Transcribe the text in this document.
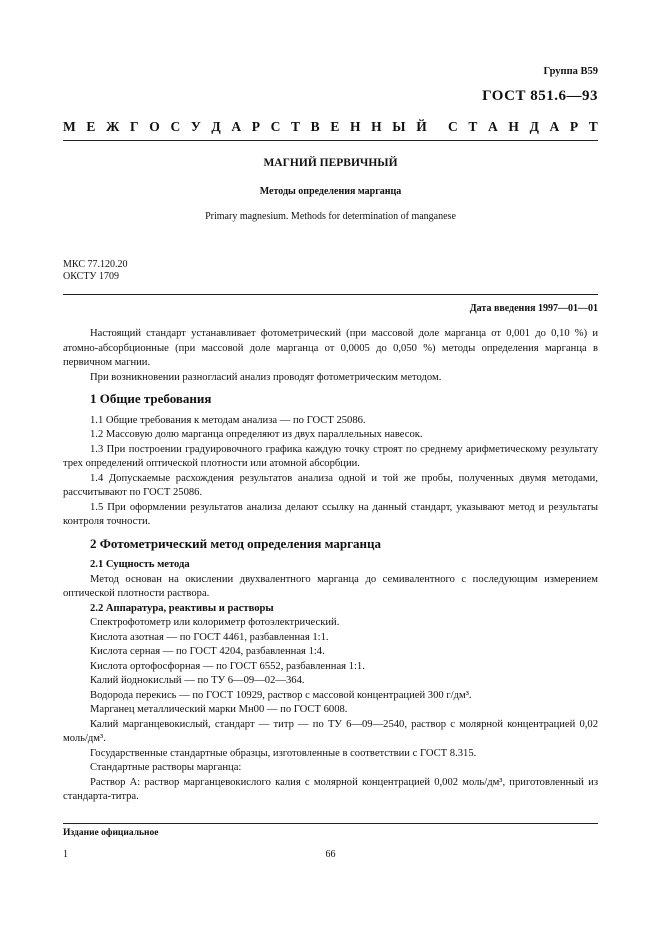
Группа В59
ГОСТ 851.6—93
М Е Ж Г О С У Д А Р С Т В Е Н Н Ы Й С Т А Н Д А Р Т
МАГНИЙ ПЕРВИЧНЫЙ
Методы определения марганца
Primary magnesium. Methods for determination of manganese
МКС 77.120.20
ОКСТУ 1709
Дата введения 1997—01—01

Настоящий стандарт устанавливает фотометрический (при массовой доле марганца от 0,001 до 0,10 %) и атомно-абсорбционные (при массовой доле марганца от 0,0005 до 0,050 %) методы определения марганца в первичном магнии.

При возникновении разногласий анализ проводят фотометрическим методом.

1 Общие требования

1.1 Общие требования к методам анализа — по ГОСТ 25086.

1.2 Массовую долю марганца определяют из двух параллельных навесок.

1.3 При построении градуировочного графика каждую точку строят по среднему арифметическому результату трех определений оптической плотности или атомной абсорбции.

1.4 Допускаемые расхождения результатов анализа одной и той же пробы, полученных двумя методами, рассчитывают по ГОСТ 25086.

1.5 При оформлении результатов анализа делают ссылку на данный стандарт, указывают метод и результаты контроля точности.

2 Фотометрический метод определения марганца

2.1 Сущность метода

Метод основан на окислении двухвалентного марганца до семивалентного с последующим измерением оптической плотности раствора.

2.2 Аппаратура, реактивы и растворы

Спектрофотометр или колориметр фотоэлектрический.

Кислота азотная — по ГОСТ 4461, разбавленная 1:1.

Кислота серная — по ГОСТ 4204, разбавленная 1:4.

Кислота ортофосфорная — по ГОСТ 6552, разбавленная 1:1.

Калий йоднокислый — по ТУ 6—09—02—364.

Водорода перекись — по ГОСТ 10929, раствор с массовой концентрацией 300 г/дм³.

Марганец металлический марки Мн00 — по ГОСТ 6008.

Калий марганцевокислый, стандарт — титр — по ТУ 6—09—2540, раствор с молярной концентрацией 0,02 моль/дм³.

Государственные стандартные образцы, изготовленные в соответствии с ГОСТ 8.315.

Стандартные растворы марганца:

Раствор А: раствор марганцевокислого калия с молярной концентрацией 0,002 моль/дм³, приготовленный из стандарта-титра.

Издание официальное
1	66
